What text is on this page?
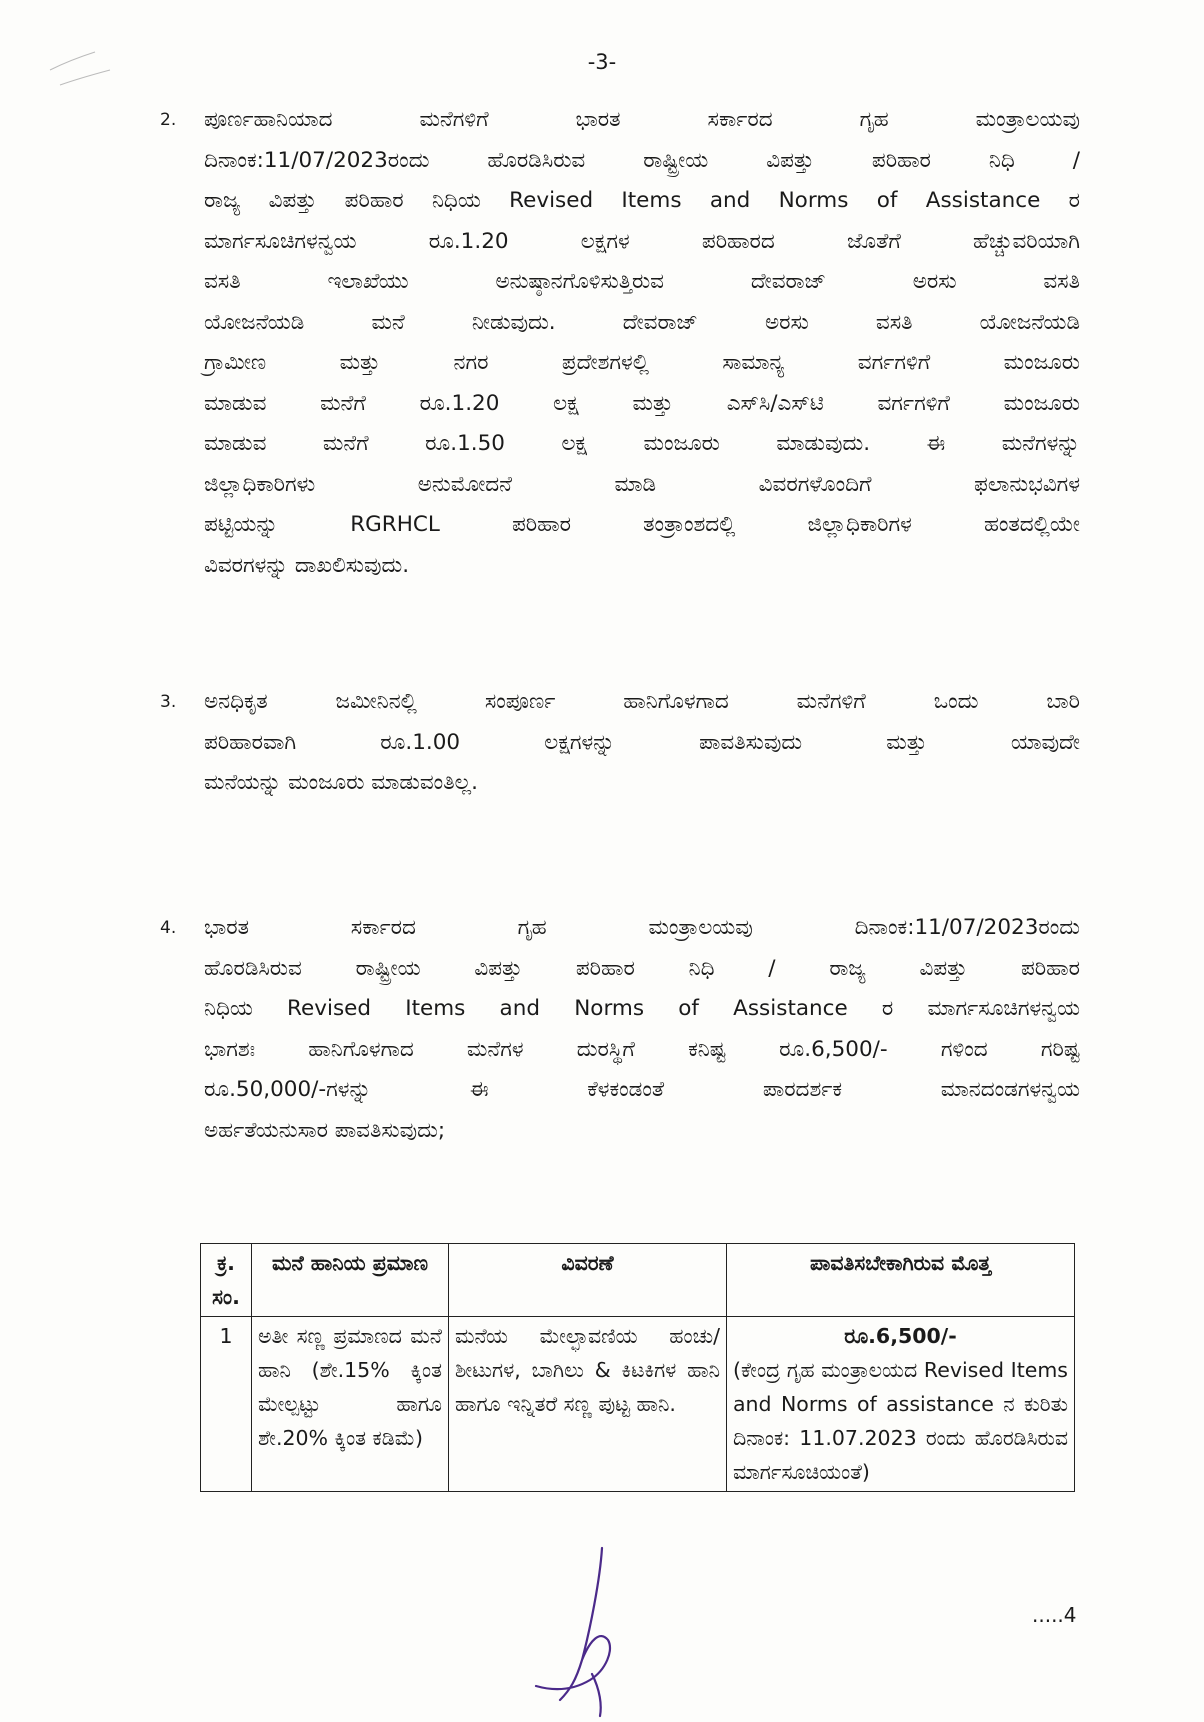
-3-
2. ಪೂರ್ಣಹಾನಿಯಾದ ಮನೆಗಳಿಗೆ ಭಾರತ ಸರ್ಕಾರದ ಗೃಹ ಮಂತ್ರಾಲಯವು
ದಿನಾಂಕ:11/07/2023ರಂದು ಹೊರಡಿಸಿರುವ ರಾಷ್ಟ್ರೀಯ ವಿಪತ್ತು ಪರಿಹಾರ ನಿಧಿ /
ರಾಜ್ಯ ವಿಪತ್ತು ಪರಿಹಾರ ನಿಧಿಯ Revised Items and Norms of Assistance ರ
ಮಾರ್ಗಸೂಚಿಗಳನ್ವಯ ರೂ.1.20 ಲಕ್ಷಗಳ ಪರಿಹಾರದ ಜೊತೆಗೆ ಹೆಚ್ಚುವರಿಯಾಗಿ
ವಸತಿ ಇಲಾಖೆಯು ಅನುಷ್ಠಾನಗೊಳಿಸುತ್ತಿರುವ ದೇವರಾಜ್ ಅರಸು ವಸತಿ
ಯೋಜನೆಯಡಿ ಮನೆ ನೀಡುವುದು. ದೇವರಾಜ್ ಅರಸು ವಸತಿ ಯೋಜನೆಯಡಿ
ಗ್ರಾಮೀಣ ಮತ್ತು ನಗರ ಪ್ರದೇಶಗಳಲ್ಲಿ ಸಾಮಾನ್ಯ ವರ್ಗಗಳಿಗೆ ಮಂಜೂರು
ಮಾಡುವ ಮನೆಗೆ ರೂ.1.20 ಲಕ್ಷ ಮತ್ತು ಎಸ್‌ಸಿ/ಎಸ್‌ಟಿ ವರ್ಗಗಳಿಗೆ ಮಂಜೂರು
ಮಾಡುವ ಮನೆಗೆ ರೂ.1.50 ಲಕ್ಷ ಮಂಜೂರು ಮಾಡುವುದು. ಈ ಮನೆಗಳನ್ನು
ಜಿಲ್ಲಾಧಿಕಾರಿಗಳು ಅನುಮೋದನೆ ಮಾಡಿ ವಿವರಗಳೊಂದಿಗೆ ಫಲಾನುಭವಿಗಳ
ಪಟ್ಟಿಯನ್ನು RGRHCL ಪರಿಹಾರ ತಂತ್ರಾಂಶದಲ್ಲಿ ಜಿಲ್ಲಾಧಿಕಾರಿಗಳ ಹಂತದಲ್ಲಿಯೇ
ವಿವರಗಳನ್ನು ದಾಖಲಿಸುವುದು.
3. ಅನಧಿಕೃತ ಜಮೀನಿನಲ್ಲಿ ಸಂಪೂರ್ಣ ಹಾನಿಗೊಳಗಾದ ಮನೆಗಳಿಗೆ ಒಂದು ಬಾರಿ
ಪರಿಹಾರವಾಗಿ ರೂ.1.00 ಲಕ್ಷಗಳನ್ನು ಪಾವತಿಸುವುದು ಮತ್ತು ಯಾವುದೇ
ಮನೆಯನ್ನು ಮಂಜೂರು ಮಾಡುವಂತಿಲ್ಲ.
4. ಭಾರತ ಸರ್ಕಾರದ ಗೃಹ ಮಂತ್ರಾಲಯವು ದಿನಾಂಕ:11/07/2023ರಂದು
ಹೊರಡಿಸಿರುವ ರಾಷ್ಟ್ರೀಯ ವಿಪತ್ತು ಪರಿಹಾರ ನಿಧಿ / ರಾಜ್ಯ ವಿಪತ್ತು ಪರಿಹಾರ
ನಿಧಿಯ Revised Items and Norms of Assistance ರ ಮಾರ್ಗಸೂಚಿಗಳನ್ವಯ
ಭಾಗಶಃ ಹಾನಿಗೊಳಗಾದ ಮನೆಗಳ ದುರಸ್ಥಿಗೆ ಕನಿಷ್ಟ ರೂ.6,500/- ಗಳಿಂದ ಗರಿಷ್ಟ
ರೂ.50,000/-ಗಳನ್ನು ಈ ಕೆಳಕಂಡಂತೆ ಪಾರದರ್ಶಕ ಮಾನದಂಡಗಳನ್ವಯ
ಅರ್ಹತೆಯನುಸಾರ ಪಾವತಿಸುವುದು;
ಕ್ರ. ಸಂ.	ಮನೆ ಹಾನಿಯ ಪ್ರಮಾಣ	ವಿವರಣೆ	ಪಾವತಿಸಬೇಕಾಗಿರುವ ಮೊತ್ತ
1	ಅತೀ ಸಣ್ಣ ಪ್ರಮಾಣದ ಮನೆ ಹಾನಿ (ಶೇ.15% ಕ್ಕಿಂತ ಮೇಲ್ಪಟ್ಟು ಹಾಗೂ ಶೇ.20% ಕ್ಕಿಂತ ಕಡಿಮೆ)	ಮನೆಯ ಮೇಲ್ಛಾವಣಿಯ ಹಂಚು/ಶೀಟುಗಳ, ಬಾಗಿಲು & ಕಿಟಕಿಗಳ ಹಾನಿ ಹಾಗೂ ಇನ್ನಿತರೆ ಸಣ್ಣ ಪುಟ್ಟ ಹಾನಿ.	ರೂ.6,500/-
(ಕೇಂದ್ರ ಗೃಹ ಮಂತ್ರಾಲಯದ Revised Items and Norms of assistance ನ ಕುರಿತು ದಿನಾಂಕ: 11.07.2023 ರಂದು ಹೊರಡಿಸಿರುವ ಮಾರ್ಗಸೂಚಿಯಂತೆ)
.....4
